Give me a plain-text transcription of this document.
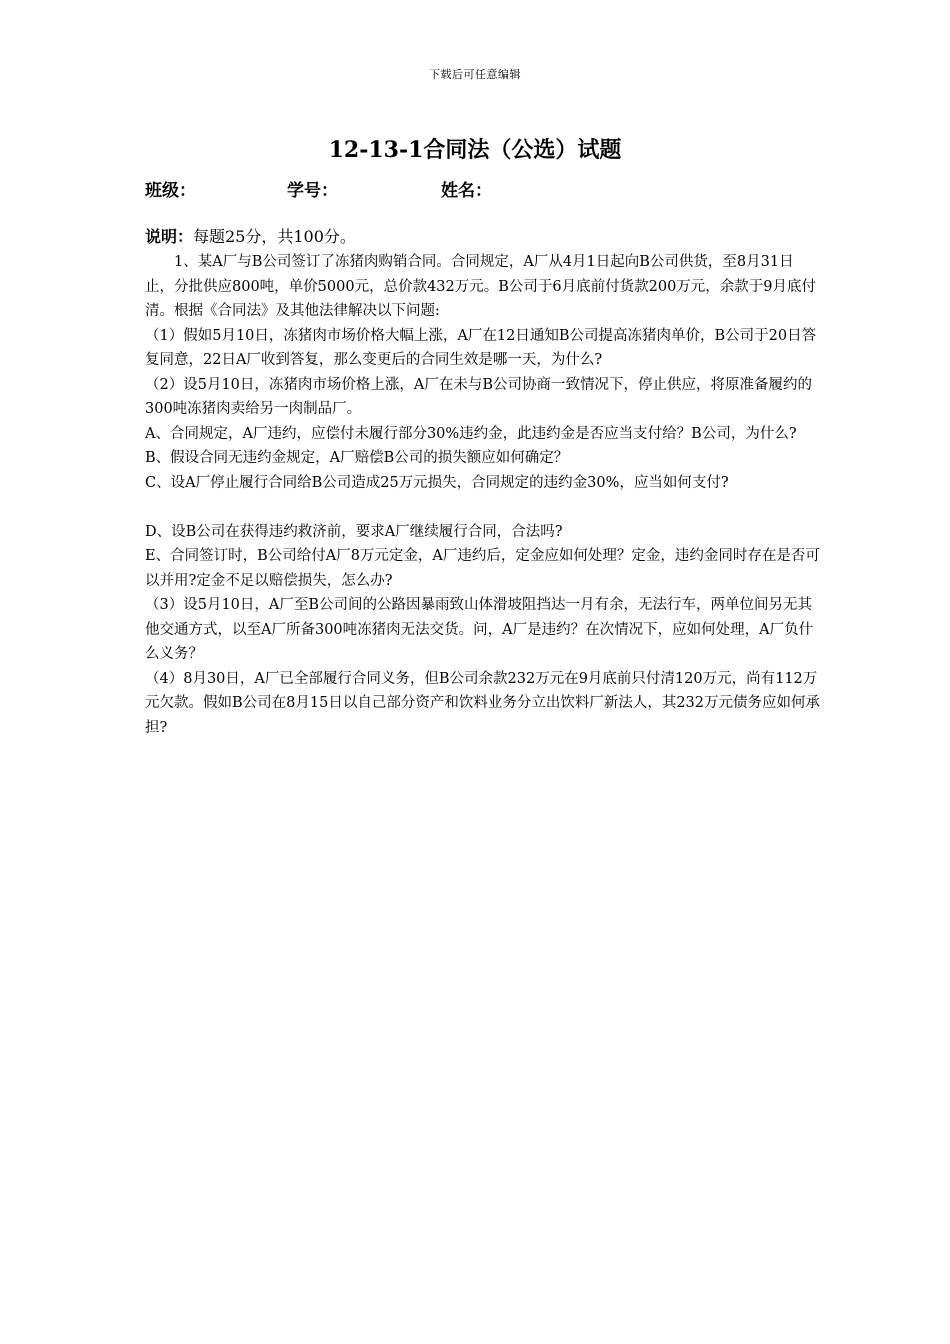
下载后可任意编辑
12-13-1合同法（公选）试题
班级：	学号：	姓名：

说明：每题25分，共100分。

1、某A厂与B公司签订了冻猪肉购销合同。合同规定，A厂从4月1日起向B公司供货，至8月31日止，分批供应800吨，单价5000元，总价款432万元。B公司于6月底前付货款200万元，余款于9月底付清。根据《合同法》及其他法律解决以下问题:

（1）假如5月10日，冻猪肉市场价格大幅上涨，A厂在12日通知B公司提高冻猪肉单价，B公司于20日答复同意，22日A厂收到答复，那么变更后的合同生效是哪一天，为什么?

（2）设5月10日，冻猪肉市场价格上涨，A厂在未与B公司协商一致情况下，停止供应，将原准备履约的300吨冻猪肉卖给另一肉制品厂。

A、合同规定，A厂违约，应偿付未履行部分30%违约金，此违约金是否应当支付给？B公司，为什么?

B、假设合同无违约金规定，A厂赔偿B公司的损失额应如何确定？

C、设A厂停止履行合同给B公司造成25万元损失，合同规定的违约金30%，应当如何支付?

D、设B公司在获得违约救济前，要求A厂继续履行合同，合法吗?

E、合同签订时，B公司给付A厂8万元定金，A厂违约后，定金应如何处理？定金，违约金同时存在是否可以并用?定金不足以赔偿损失，怎么办?

（3）设5月10日，A厂至B公司间的公路因暴雨致山体滑坡阻挡达一月有余，无法行车，两单位间另无其他交通方式，以至A厂所备300吨冻猪肉无法交货。问，A厂是违约？在次情况下，应如何处理，A厂负什么义务？

（4）8月30日，A厂已全部履行合同义务，但B公司余款232万元在9月底前只付清120万元，尚有112万元欠款。假如B公司在8月15日以自己部分资产和饮料业务分立出饮料厂新法人，其232万元债务应如何承担?
